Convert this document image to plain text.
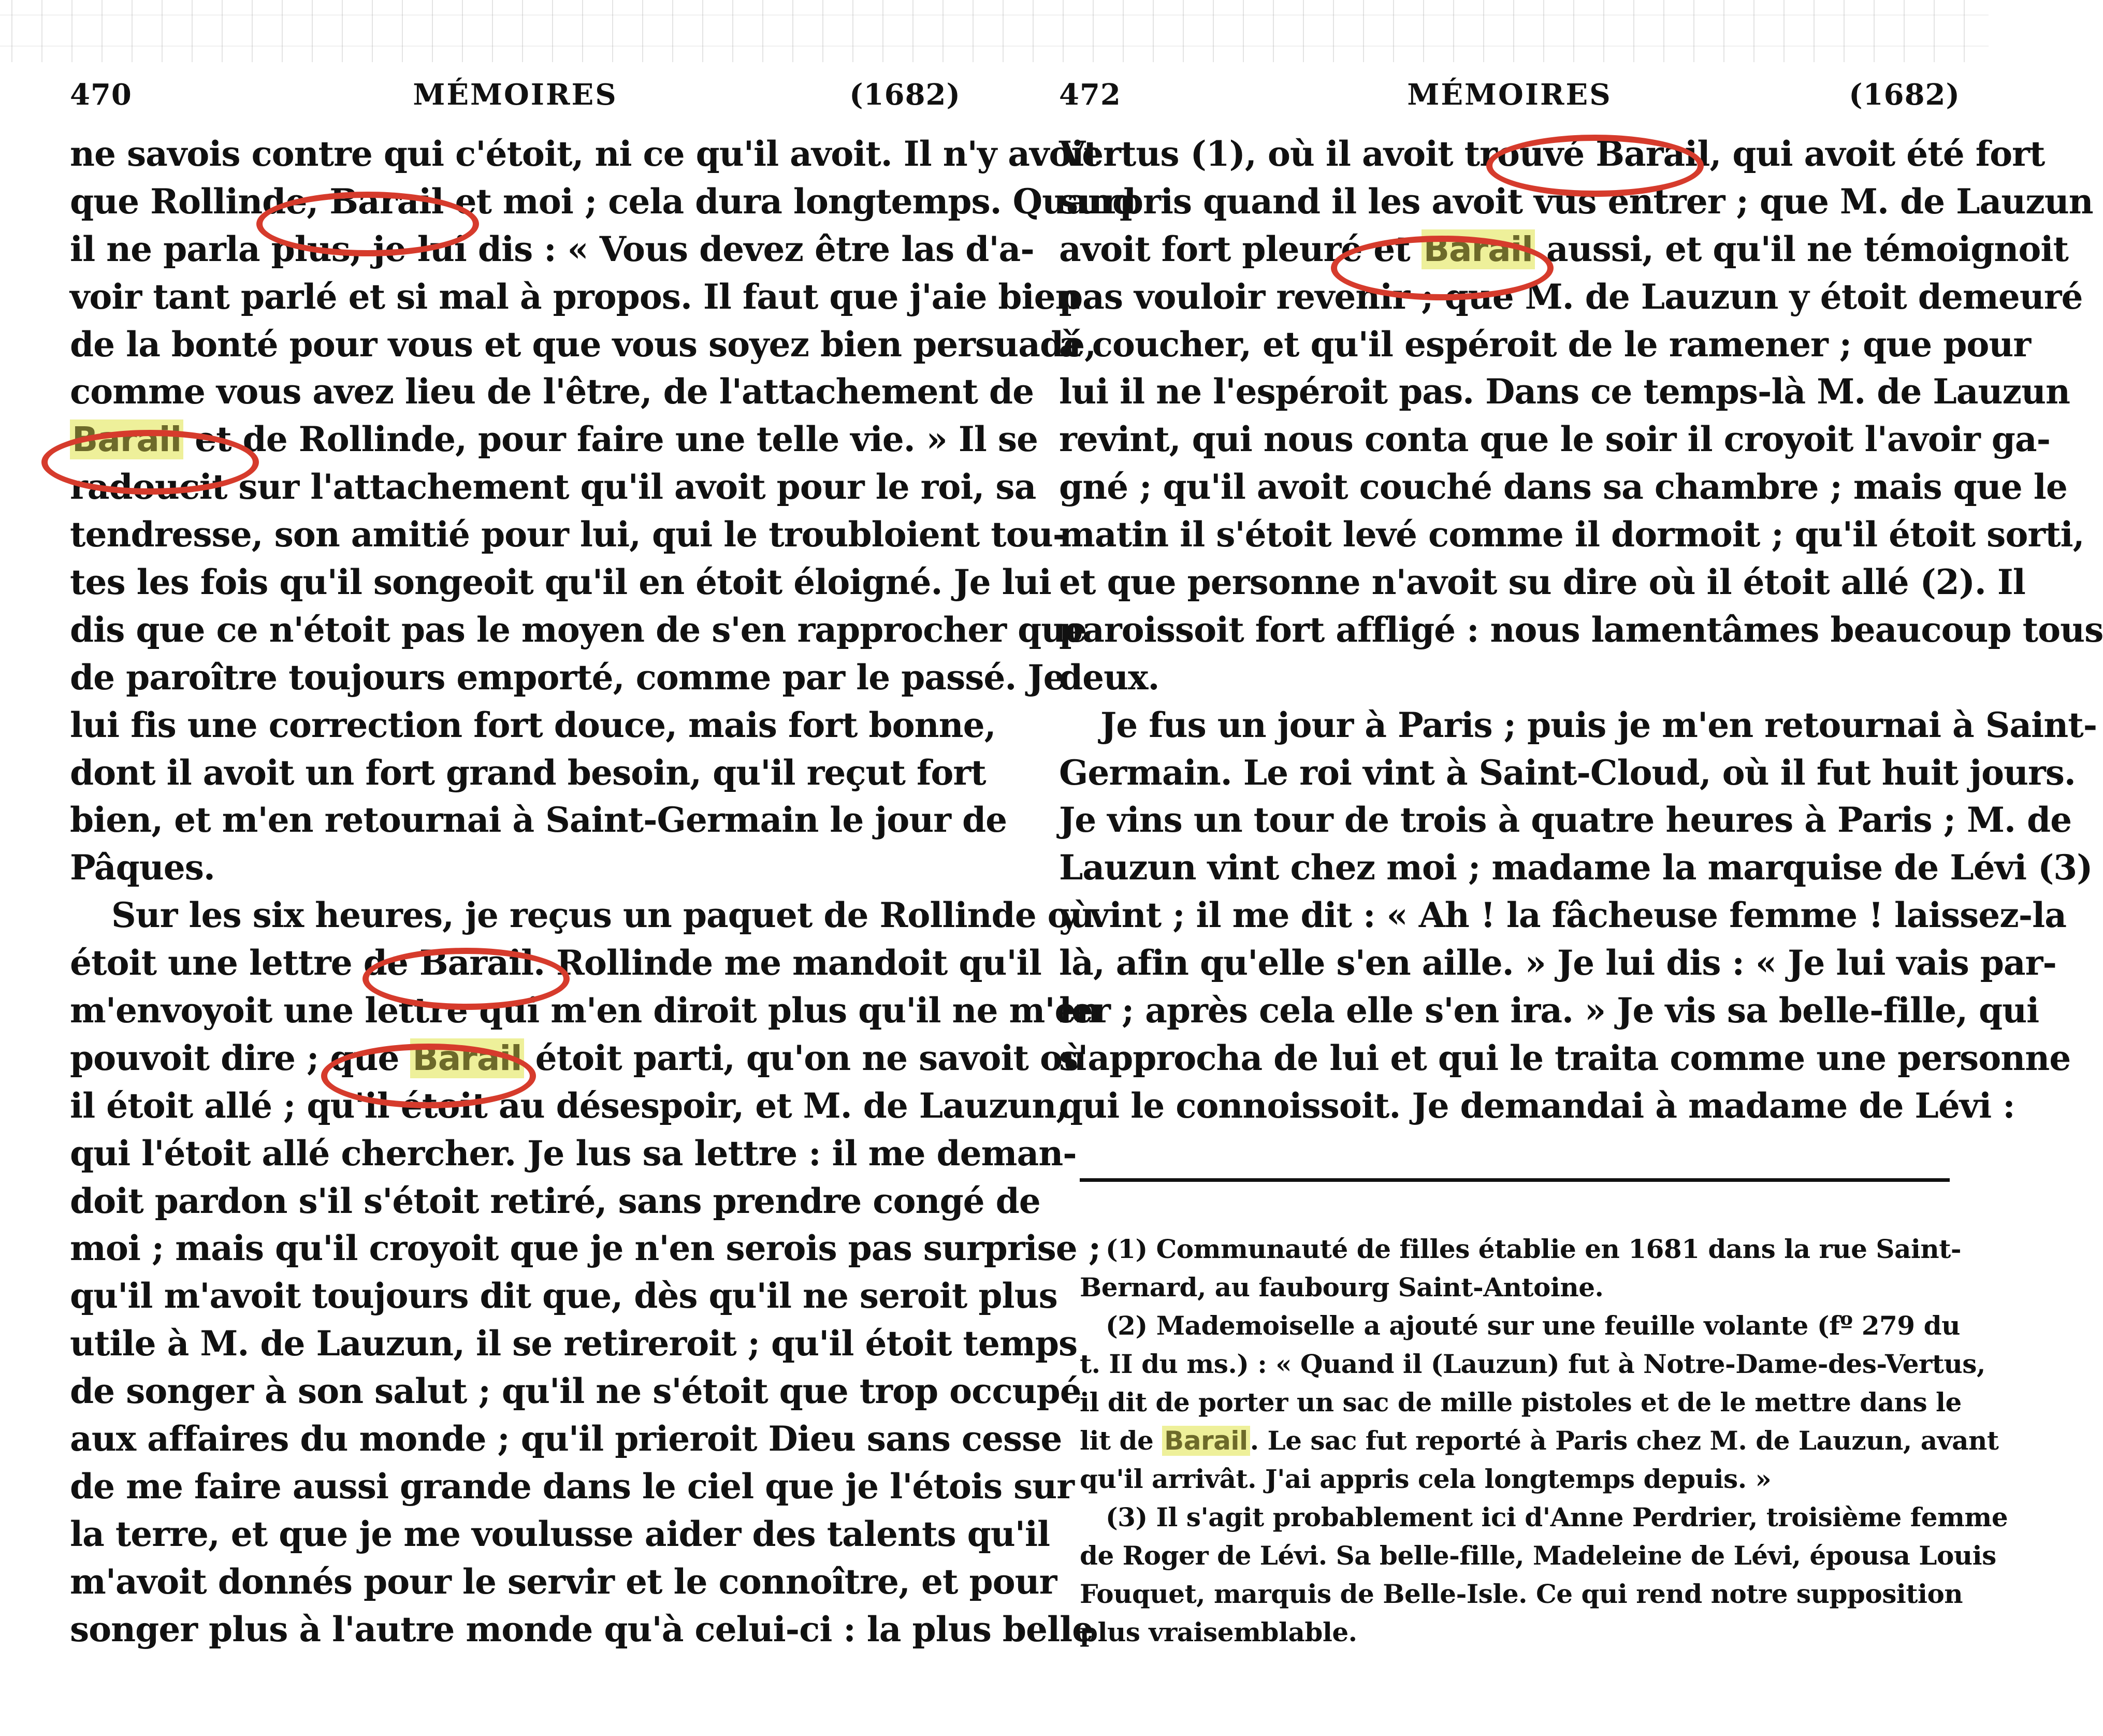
MÉMOIRES
470	(1682)
ne savois contre qui c'étoit, ni ce qu'il avoit. Il n'y avoit
que Rollinde, Barail et moi ; cela dura longtemps. Quand
il ne parla plus, je lui dis : « Vous devez être las d'a-
voir tant parlé et si mal à propos. Il faut que j'aie bien
de la bonté pour vous et que vous soyez bien persuadé,
comme vous avez lieu de l'être, de l'attachement de
Barail et de Rollinde, pour faire une telle vie. » Il se
radoucit sur l'attachement qu'il avoit pour le roi, sa
tendresse, son amitié pour lui, qui le troubloient tou-
tes les fois qu'il songeoit qu'il en étoit éloigné. Je lui
dis que ce n'étoit pas le moyen de s'en rapprocher que
de paroître toujours emporté, comme par le passé. Je
lui fis une correction fort douce, mais fort bonne,
dont il avoit un fort grand besoin, qu'il reçut fort
bien, et m'en retournai à Saint-Germain le jour de
Pâques.
Sur les six heures, je reçus un paquet de Rollinde où
étoit une lettre de Barail. Rollinde me mandoit qu'il
m'envoyoit une lettre qui m'en diroit plus qu'il ne m'en
pouvoit dire ; que Barail étoit parti, qu'on ne savoit où
il étoit allé ; qu'il étoit au désespoir, et M. de Lauzun,
qui l'étoit allé chercher. Je lus sa lettre : il me deman-
doit pardon s'il s'étoit retiré, sans prendre congé de
moi ; mais qu'il croyoit que je n'en serois pas surprise ;
qu'il m'avoit toujours dit que, dès qu'il ne seroit plus
utile à M. de Lauzun, il se retireroit ; qu'il étoit temps
de songer à son salut ; qu'il ne s'étoit que trop occupé
aux affaires du monde ; qu'il prieroit Dieu sans cesse
de me faire aussi grande dans le ciel que je l'étois sur
la terre, et que je me voulusse aider des talents qu'il
m'avoit donnés pour le servir et le connoître, et pour
songer plus à l'autre monde qu'à celui-ci : la plus belle
MÉMOIRES
472	(1682)
Vertus (1), où il avoit trouvé Barail, qui avoit été fort
surpris quand il les avoit vus entrer ; que M. de Lauzun
avoit fort pleuré et Barail aussi, et qu'il ne témoignoit
pas vouloir revenir ; que M. de Lauzun y étoit demeuré
à coucher, et qu'il espéroit de le ramener ; que pour
lui il ne l'espéroit pas. Dans ce temps-là M. de Lauzun
revint, qui nous conta que le soir il croyoit l'avoir ga-
gné ; qu'il avoit couché dans sa chambre ; mais que le
matin il s'étoit levé comme il dormoit ; qu'il étoit sorti,
et que personne n'avoit su dire où il étoit allé (2). Il
paroissoit fort affligé : nous lamentâmes beaucoup tous
deux.
Je fus un jour à Paris ; puis je m'en retournai à Saint-
Germain. Le roi vint à Saint-Cloud, où il fut huit jours.
Je vins un tour de trois à quatre heures à Paris ; M. de
Lauzun vint chez moi ; madame la marquise de Lévi (3)
y vint ; il me dit : « Ah ! la fâcheuse femme ! laissez-la
là, afin qu'elle s'en aille. » Je lui dis : « Je lui vais par-
ler ; après cela elle s'en ira. » Je vis sa belle-fille, qui
s'approcha de lui et qui le traita comme une personne
qui le connoissoit. Je demandai à madame de Lévi :
(1) Communauté de filles établie en 1681 dans la rue Saint-
Bernard, au faubourg Saint-Antoine.
(2) Mademoiselle a ajouté sur une feuille volante (fº 279 du
t. II du ms.) : « Quand il (Lauzun) fut à Notre-Dame-des-Vertus,
il dit de porter un sac de mille pistoles et de le mettre dans le
lit de Barail. Le sac fut reporté à Paris chez M. de Lauzun, avant
qu'il arrivât. J'ai appris cela longtemps depuis. »
(3) Il s'agit probablement ici d'Anne Perdrier, troisième femme
de Roger de Lévi. Sa belle-fille, Madeleine de Lévi, épousa Louis
Fouquet, marquis de Belle-Isle. Ce qui rend notre supposition
plus vraisemblable.
